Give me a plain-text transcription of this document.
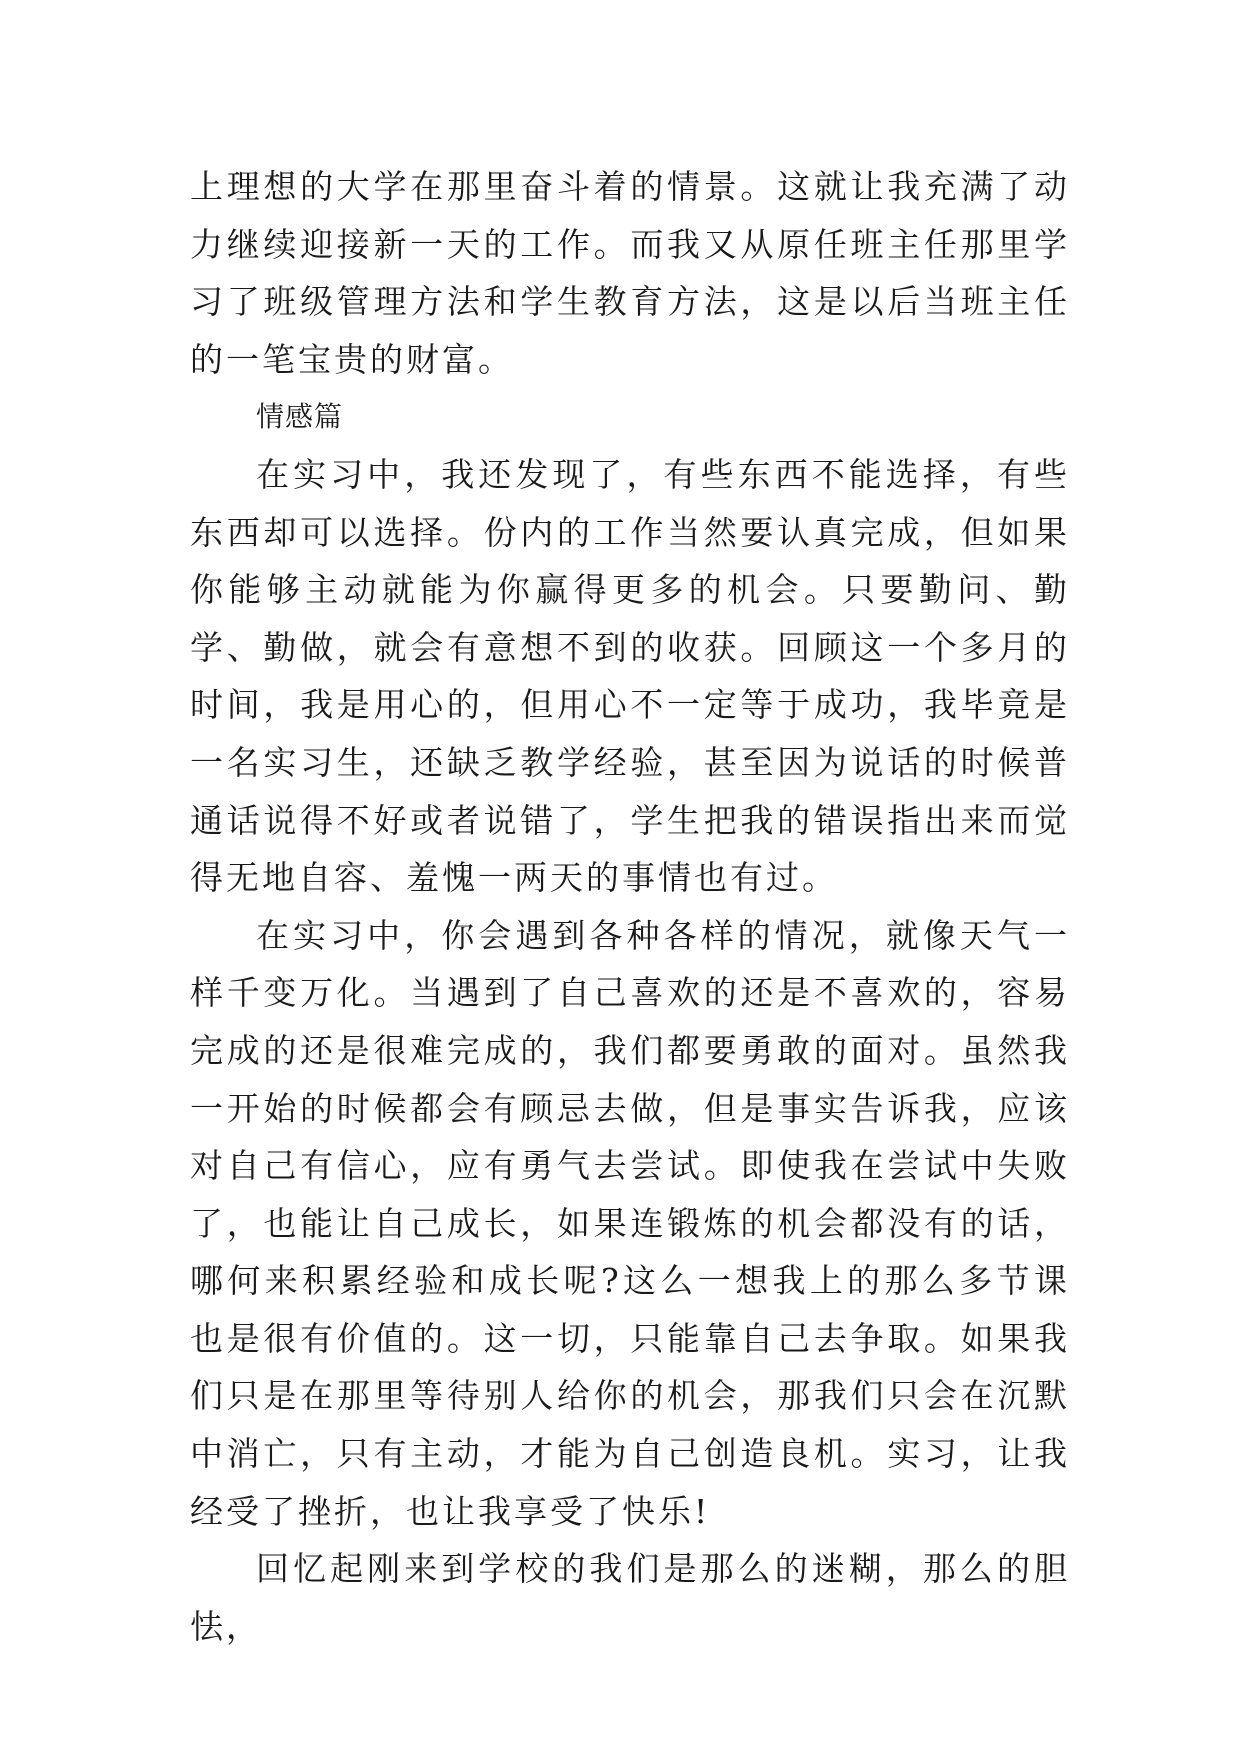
上理想的大学在那里奋斗着的情景。这就让我充满了动力继续迎接新一天的工作。而我又从原任班主任那里学习了班级管理方法和学生教育方法，这是以后当班主任的一笔宝贵的财富。

情感篇

在实习中，我还发现了，有些东西不能选择，有些东西却可以选择。份内的工作当然要认真完成，但如果你能够主动就能为你赢得更多的机会。只要勤问、勤学、勤做，就会有意想不到的收获。回顾这一个多月的时间，我是用心的，但用心不一定等于成功，我毕竟是一名实习生，还缺乏教学经验，甚至因为说话的时候普通话说得不好或者说错了，学生把我的错误指出来而觉得无地自容、羞愧一两天的事情也有过。

在实习中，你会遇到各种各样的情况，就像天气一样千变万化。当遇到了自己喜欢的还是不喜欢的，容易完成的还是很难完成的，我们都要勇敢的面对。虽然我一开始的时候都会有顾忌去做，但是事实告诉我，应该对自己有信心，应有勇气去尝试。即使我在尝试中失败了，也能让自己成长，如果连锻炼的机会都没有的话，哪何来积累经验和成长呢?这么一想我上的那么多节课也是很有价值的。这一切，只能靠自己去争取。如果我们只是在那里等待别人给你的机会，那我们只会在沉默中消亡，只有主动，才能为自己创造良机。实习，让我经受了挫折，也让我享受了快乐!

回忆起刚来到学校的我们是那么的迷糊，那么的胆怯，
